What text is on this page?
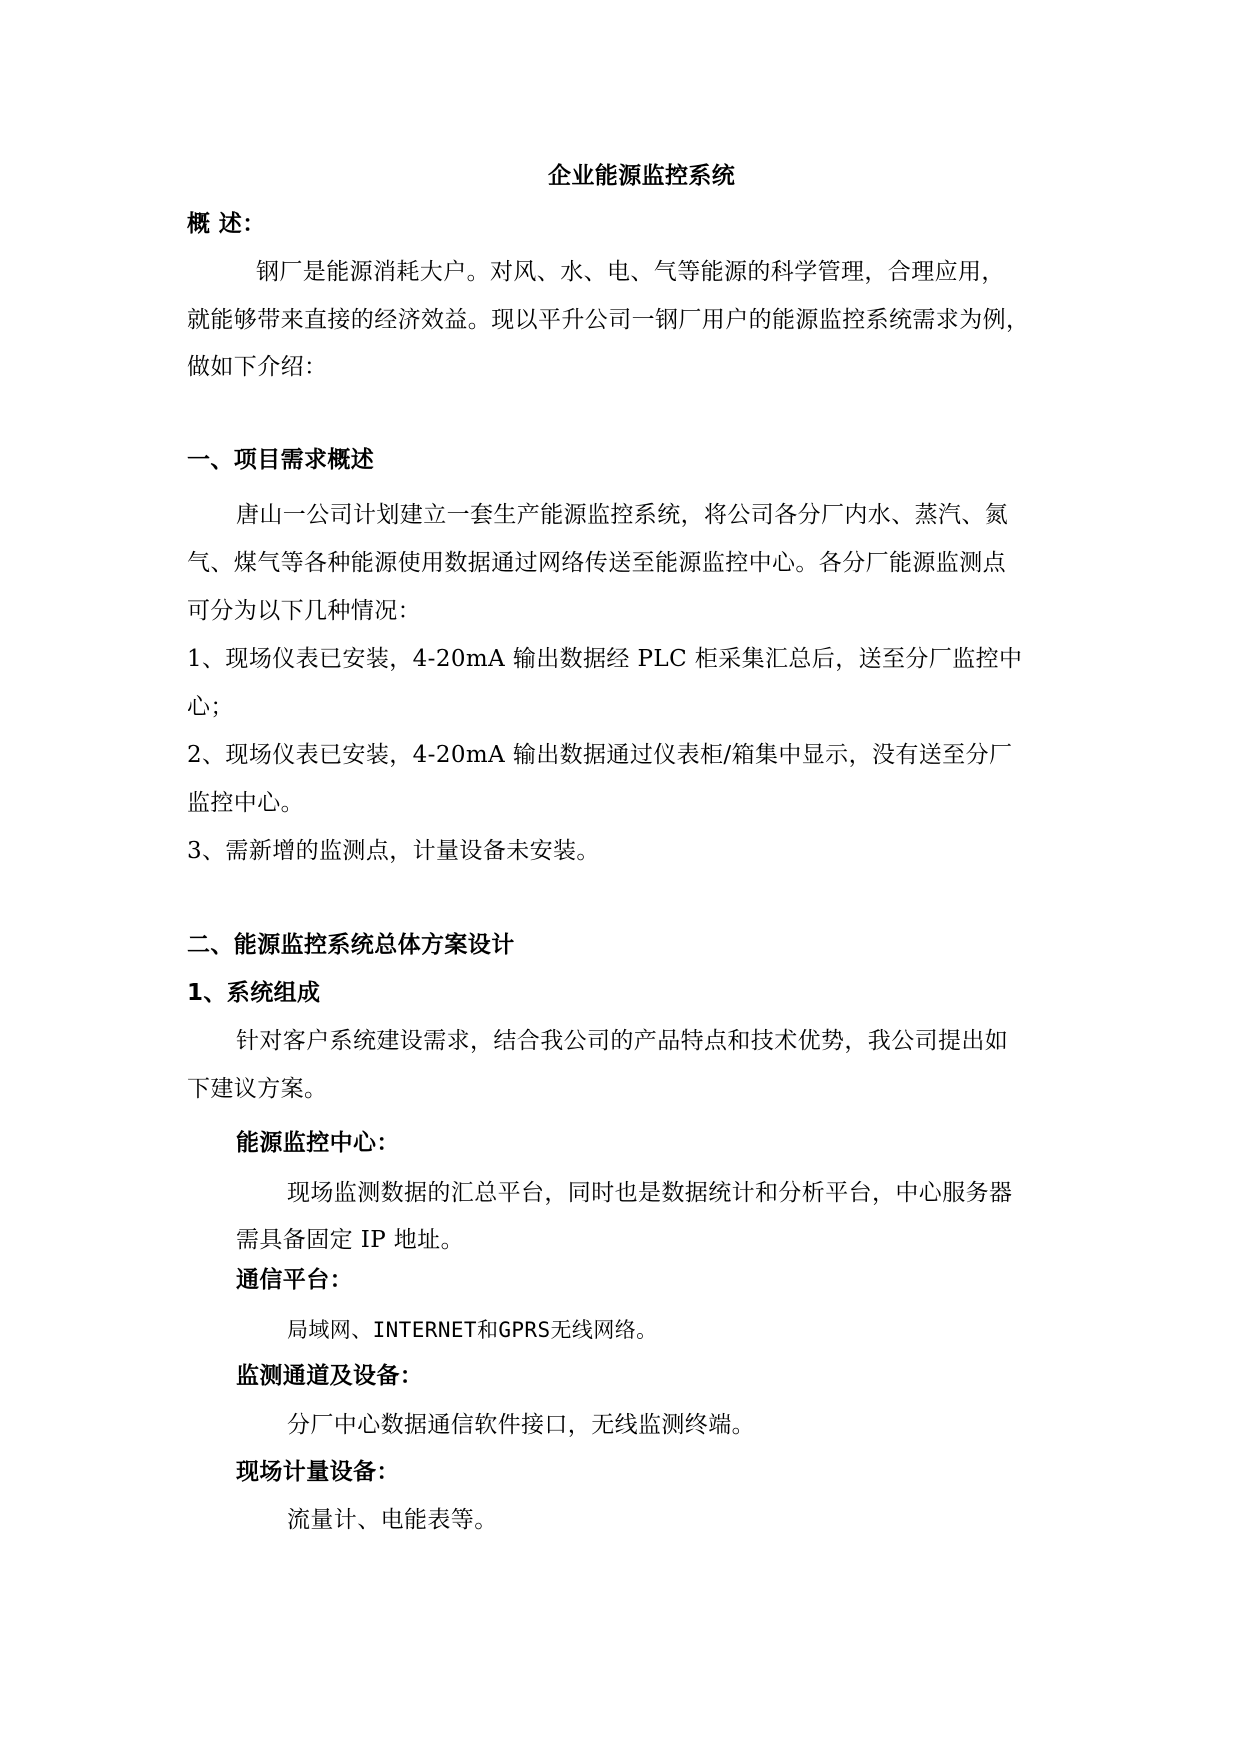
企业能源监控系统
概 述：
钢厂是能源消耗大户。对风、水、电、气等能源的科学管理，合理应用，
就能够带来直接的经济效益。现以平升公司一钢厂用户的能源监控系统需求为例，
做如下介绍：
一、项目需求概述
唐山一公司计划建立一套生产能源监控系统，将公司各分厂内水、蒸汽、氮
气、煤气等各种能源使用数据通过网络传送至能源监控中心。各分厂能源监测点
可分为以下几种情况：
1、现场仪表已安装，4-20mA 输出数据经 PLC 柜采集汇总后，送至分厂监控中
心；
2、现场仪表已安装，4-20mA 输出数据通过仪表柜/箱集中显示，没有送至分厂
监控中心。
3、需新增的监测点，计量设备未安装。
二、能源监控系统总体方案设计
1、系统组成
针对客户系统建设需求，结合我公司的产品特点和技术优势，我公司提出如
下建议方案。
能源监控中心：
现场监测数据的汇总平台，同时也是数据统计和分析平台，中心服务器
需具备固定 IP 地址。
通信平台：
局域网、INTERNET和GPRS无线网络。
监测通道及设备：
分厂中心数据通信软件接口，无线监测终端。
现场计量设备：
流量计、电能表等。
